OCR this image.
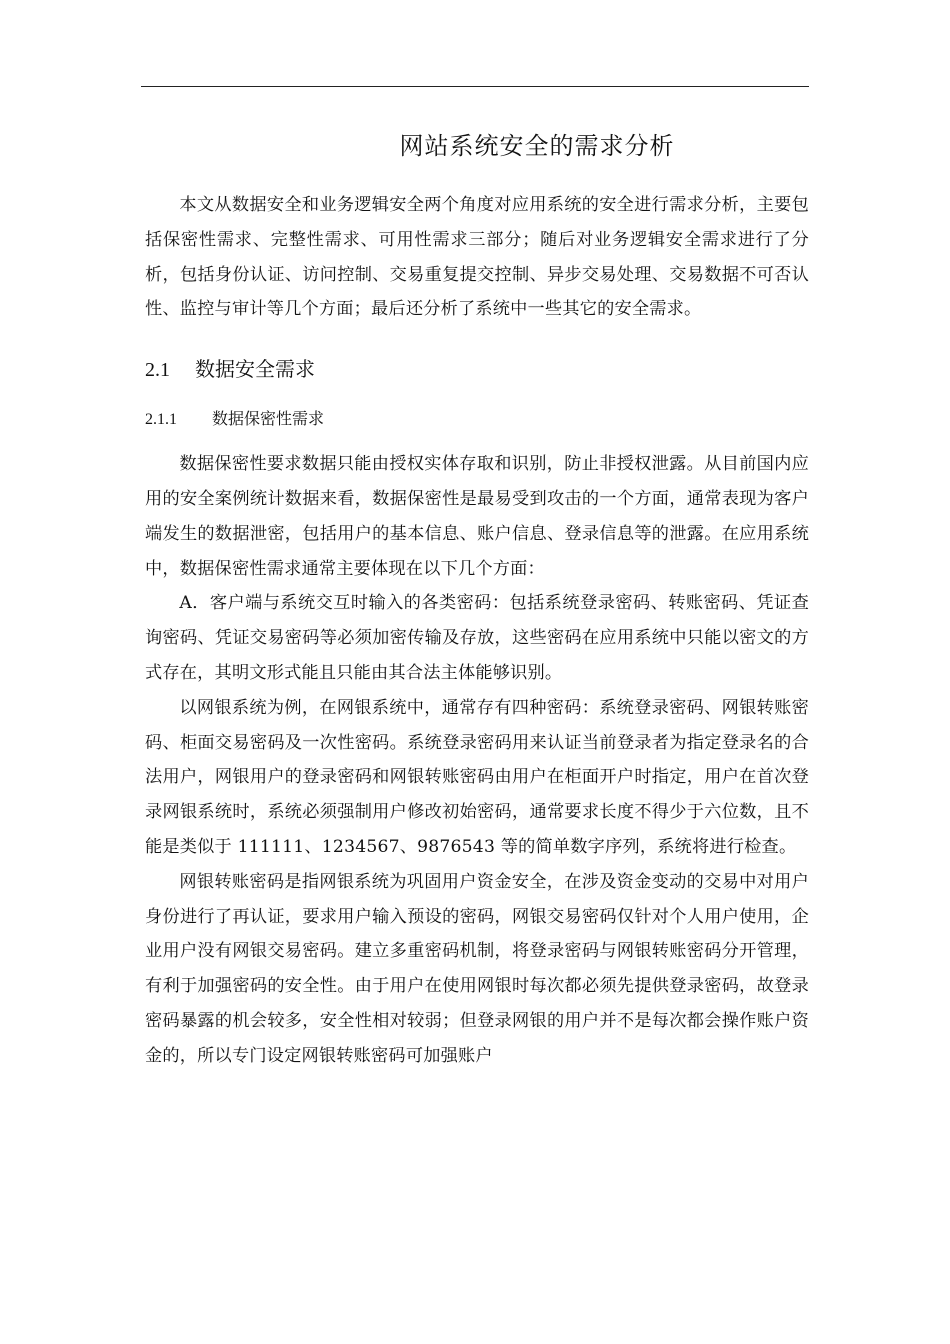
网站系统安全的需求分析

本文从数据安全和业务逻辑安全两个角度对应用系统的安全进行需求分析，主要包括保密性需求、完整性需求、可用性需求三部分；随后对业务逻辑安全需求进行了分析，包括身份认证、访问控制、交易重复提交控制、异步交易处理、交易数据不可否认性、监控与审计等几个方面；最后还分析了系统中一些其它的安全需求。

2.1 数据安全需求
2.1.1 数据保密性需求

数据保密性要求数据只能由授权实体存取和识别，防止非授权泄露。从目前国内应用的安全案例统计数据来看，数据保密性是最易受到攻击的一个方面，通常表现为客户端发生的数据泄密，包括用户的基本信息、账户信息、登录信息等的泄露。在应用系统中，数据保密性需求通常主要体现在以下几个方面：

A．客户端与系统交互时输入的各类密码：包括系统登录密码、转账密码、凭证查询密码、凭证交易密码等必须加密传输及存放，这些密码在应用系统中只能以密文的方式存在，其明文形式能且只能由其合法主体能够识别。

以网银系统为例，在网银系统中，通常存有四种密码：系统登录密码、网银转账密码、柜面交易密码及一次性密码。系统登录密码用来认证当前登录者为指定登录名的合法用户，网银用户的登录密码和网银转账密码由用户在柜面开户时指定，用户在首次登录网银系统时，系统必须强制用户修改初始密码，通常要求长度不得少于六位数，且不能是类似于 111111、1234567、9876543 等的简单数字序列，系统将进行检查。

网银转账密码是指网银系统为巩固用户资金安全，在涉及资金变动的交易中对用户身份进行了再认证，要求用户输入预设的密码，网银交易密码仅针对个人用户使用，企业用户没有网银交易密码。建立多重密码机制，将登录密码与网银转账密码分开管理，有利于加强密码的安全性。由于用户在使用网银时每次都必须先提供登录密码，故登录密码暴露的机会较多，安全性相对较弱；但登录网银的用户并不是每次都会操作账户资金的，所以专门设定网银转账密码可加强账户
